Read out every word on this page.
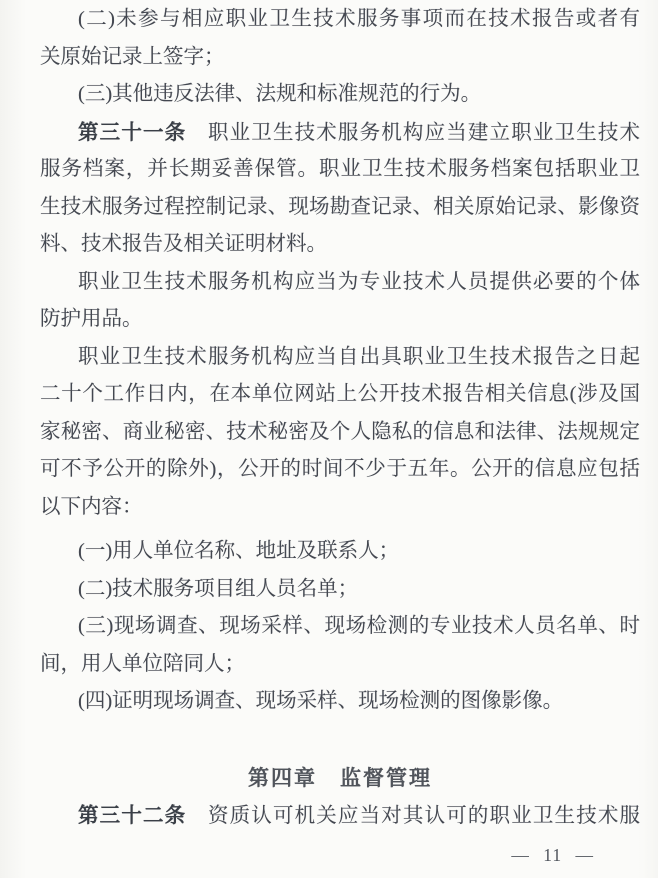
(二)未参与相应职业卫生技术服务事项而在技术报告或者有
关原始记录上签字；
(三)其他违反法律、法规和标准规范的行为。
第三十一条　职业卫生技术服务机构应当建立职业卫生技术
服务档案，并长期妥善保管。职业卫生技术服务档案包括职业卫
生技术服务过程控制记录、现场勘查记录、相关原始记录、影像资
料、技术报告及相关证明材料。
职业卫生技术服务机构应当为专业技术人员提供必要的个体
防护用品。
职业卫生技术服务机构应当自出具职业卫生技术报告之日起
二十个工作日内，在本单位网站上公开技术报告相关信息(涉及国
家秘密、商业秘密、技术秘密及个人隐私的信息和法律、法规规定
可不予公开的除外)，公开的时间不少于五年。公开的信息应包括
以下内容：
(一)用人单位名称、地址及联系人；
(二)技术服务项目组人员名单；
(三)现场调查、现场采样、现场检测的专业技术人员名单、时
间，用人单位陪同人；
(四)证明现场调查、现场采样、现场检测的图像影像。
第四章　监督管理
第三十二条　资质认可机关应当对其认可的职业卫生技术服
— 11 —
